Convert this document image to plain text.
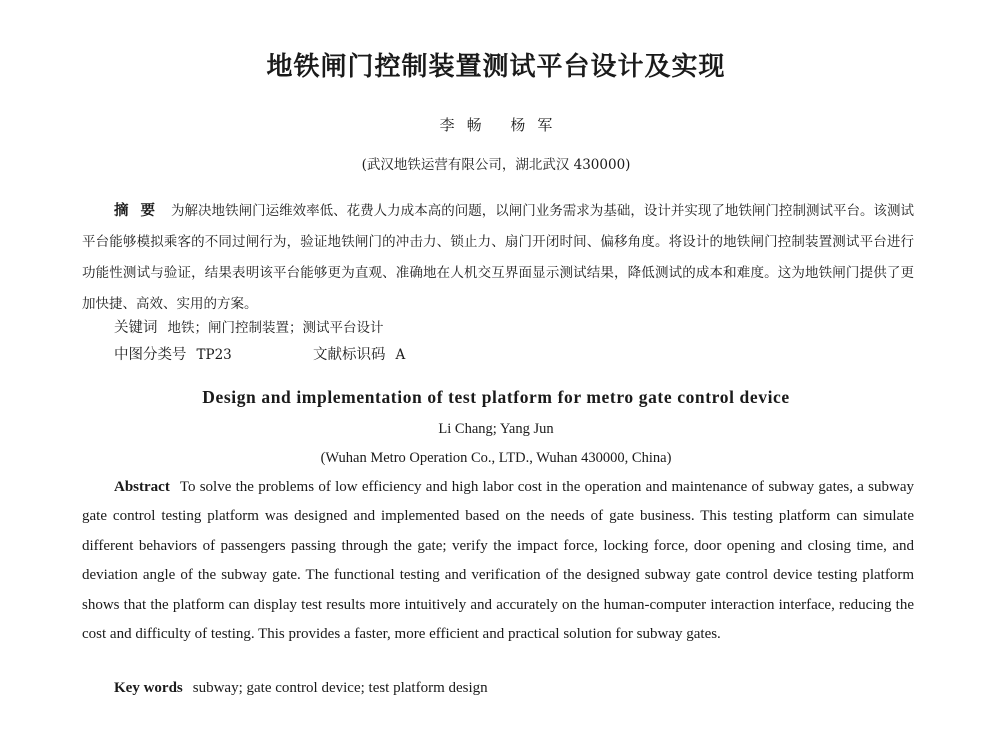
地铁闸门控制装置测试平台设计及实现
李畅 杨军
(武汉地铁运营有限公司，湖北武汉 430000)
摘要 为解决地铁闸门运维效率低、花费人力成本高的问题，以闸门业务需求为基础，设计并实现了地铁闸门控制测试平台。该测试平台能够模拟乘客的不同过闸行为，验证地铁闸门的冲击力、锁止力、扇门开闭时间、偏移角度。将设计的地铁闸门控制装置测试平台进行功能性测试与验证，结果表明该平台能够更为直观、准确地在人机交互界面显示测试结果，降低测试的成本和难度。这为地铁闸门提供了更加快捷、高效、实用的方案。
关键词 地铁；闸门控制装置；测试平台设计
中图分类号 TP23	文献标识码 A
Design and implementation of test platform for metro gate control device
Li Chang; Yang Jun
(Wuhan Metro Operation Co., LTD., Wuhan 430000, China)
Abstract To solve the problems of low efficiency and high labor cost in the operation and maintenance of subway gates, a subway gate control testing platform was designed and implemented based on the needs of gate business. This testing platform can simulate different behaviors of passengers passing through the gate; verify the impact force, locking force, door opening and closing time, and deviation angle of the subway gate. The functional testing and verification of the designed subway gate control device testing platform shows that the platform can display test results more intuitively and accurately on the human-computer interaction interface, reducing the cost and difficulty of testing. This provides a faster, more efficient and practical solution for subway gates.
Key words subway; gate control device; test platform design
